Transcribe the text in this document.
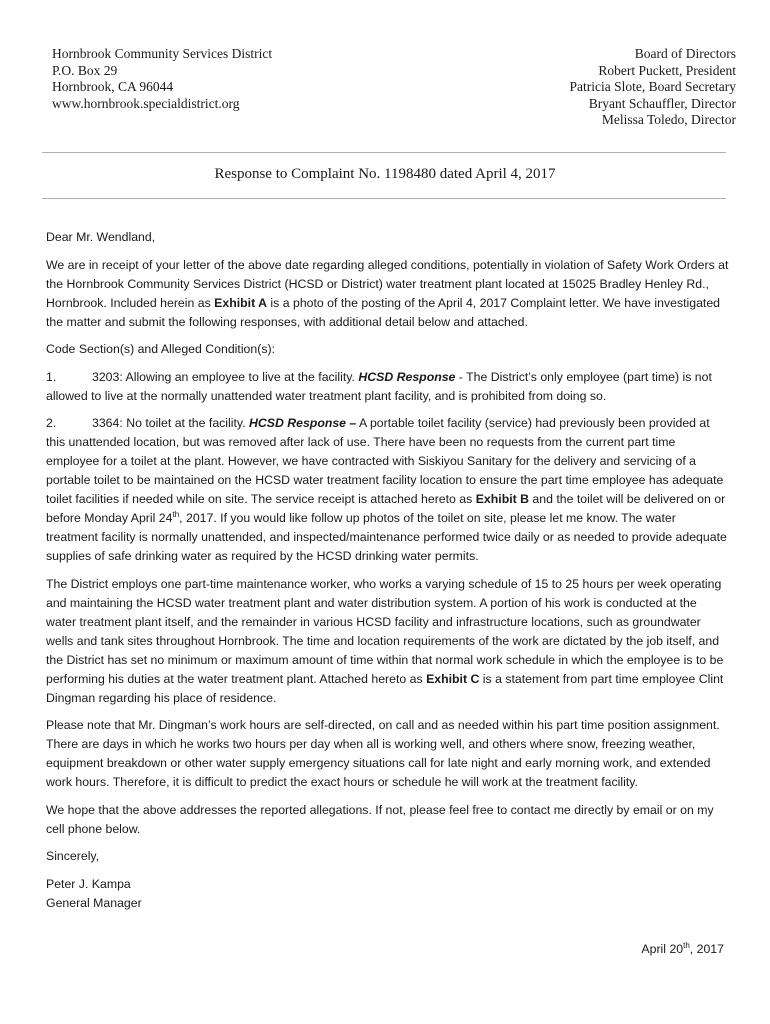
Hornbrook Community Services District
P.O. Box 29
Hornbrook, CA 96044
www.hornbrook.specialdistrict.org
Board of Directors
Robert Puckett, President
Patricia Slote, Board Secretary
Bryant Schauffler, Director
Melissa Toledo, Director
Response to Complaint No. 1198480 dated April 4, 2017

Dear Mr. Wendland,

We are in receipt of your letter of the above date regarding alleged conditions, potentially in violation of Safety Work Orders at the Hornbrook Community Services District (HCSD or District) water treatment plant located at 15025 Bradley Henley Rd., Hornbrook. Included herein as Exhibit A is a photo of the posting of the April 4, 2017 Complaint letter. We have investigated the matter and submit the following responses, with additional detail below and attached.

Code Section(s) and Alleged Condition(s):

1.	3203: Allowing an employee to live at the facility. HCSD Response - The District’s only employee (part time) is not allowed to live at the normally unattended water treatment plant facility, and is prohibited from doing so.

2.	3364: No toilet at the facility. HCSD Response – A portable toilet facility (service) had previously been provided at this unattended location, but was removed after lack of use. There have been no requests from the current part time employee for a toilet at the plant. However, we have contracted with Siskiyou Sanitary for the delivery and servicing of a portable toilet to be maintained on the HCSD water treatment facility location to ensure the part time employee has adequate toilet facilities if needed while on site. The service receipt is attached hereto as Exhibit B and the toilet will be delivered on or before Monday April 24th, 2017. If you would like follow up photos of the toilet on site, please let me know. The water treatment facility is normally unattended, and inspected/maintenance performed twice daily or as needed to provide adequate supplies of safe drinking water as required by the HCSD drinking water permits.

The District employs one part-time maintenance worker, who works a varying schedule of 15 to 25 hours per week operating and maintaining the HCSD water treatment plant and water distribution system. A portion of his work is conducted at the water treatment plant itself, and the remainder in various HCSD facility and infrastructure locations, such as groundwater wells and tank sites throughout Hornbrook. The time and location requirements of the work are dictated by the job itself, and the District has set no minimum or maximum amount of time within that normal work schedule in which the employee is to be performing his duties at the water treatment plant. Attached hereto as Exhibit C is a statement from part time employee Clint Dingman regarding his place of residence.

Please note that Mr. Dingman’s work hours are self-directed, on call and as needed within his part time position assignment. There are days in which he works two hours per day when all is working well, and others where snow, freezing weather, equipment breakdown or other water supply emergency situations call for late night and early morning work, and extended work hours. Therefore, it is difficult to predict the exact hours or schedule he will work at the treatment facility.

We hope that the above addresses the reported allegations. If not, please feel free to contact me directly by email or on my cell phone below.

Sincerely,

Peter J. Kampa
General Manager

April 20th, 2017
